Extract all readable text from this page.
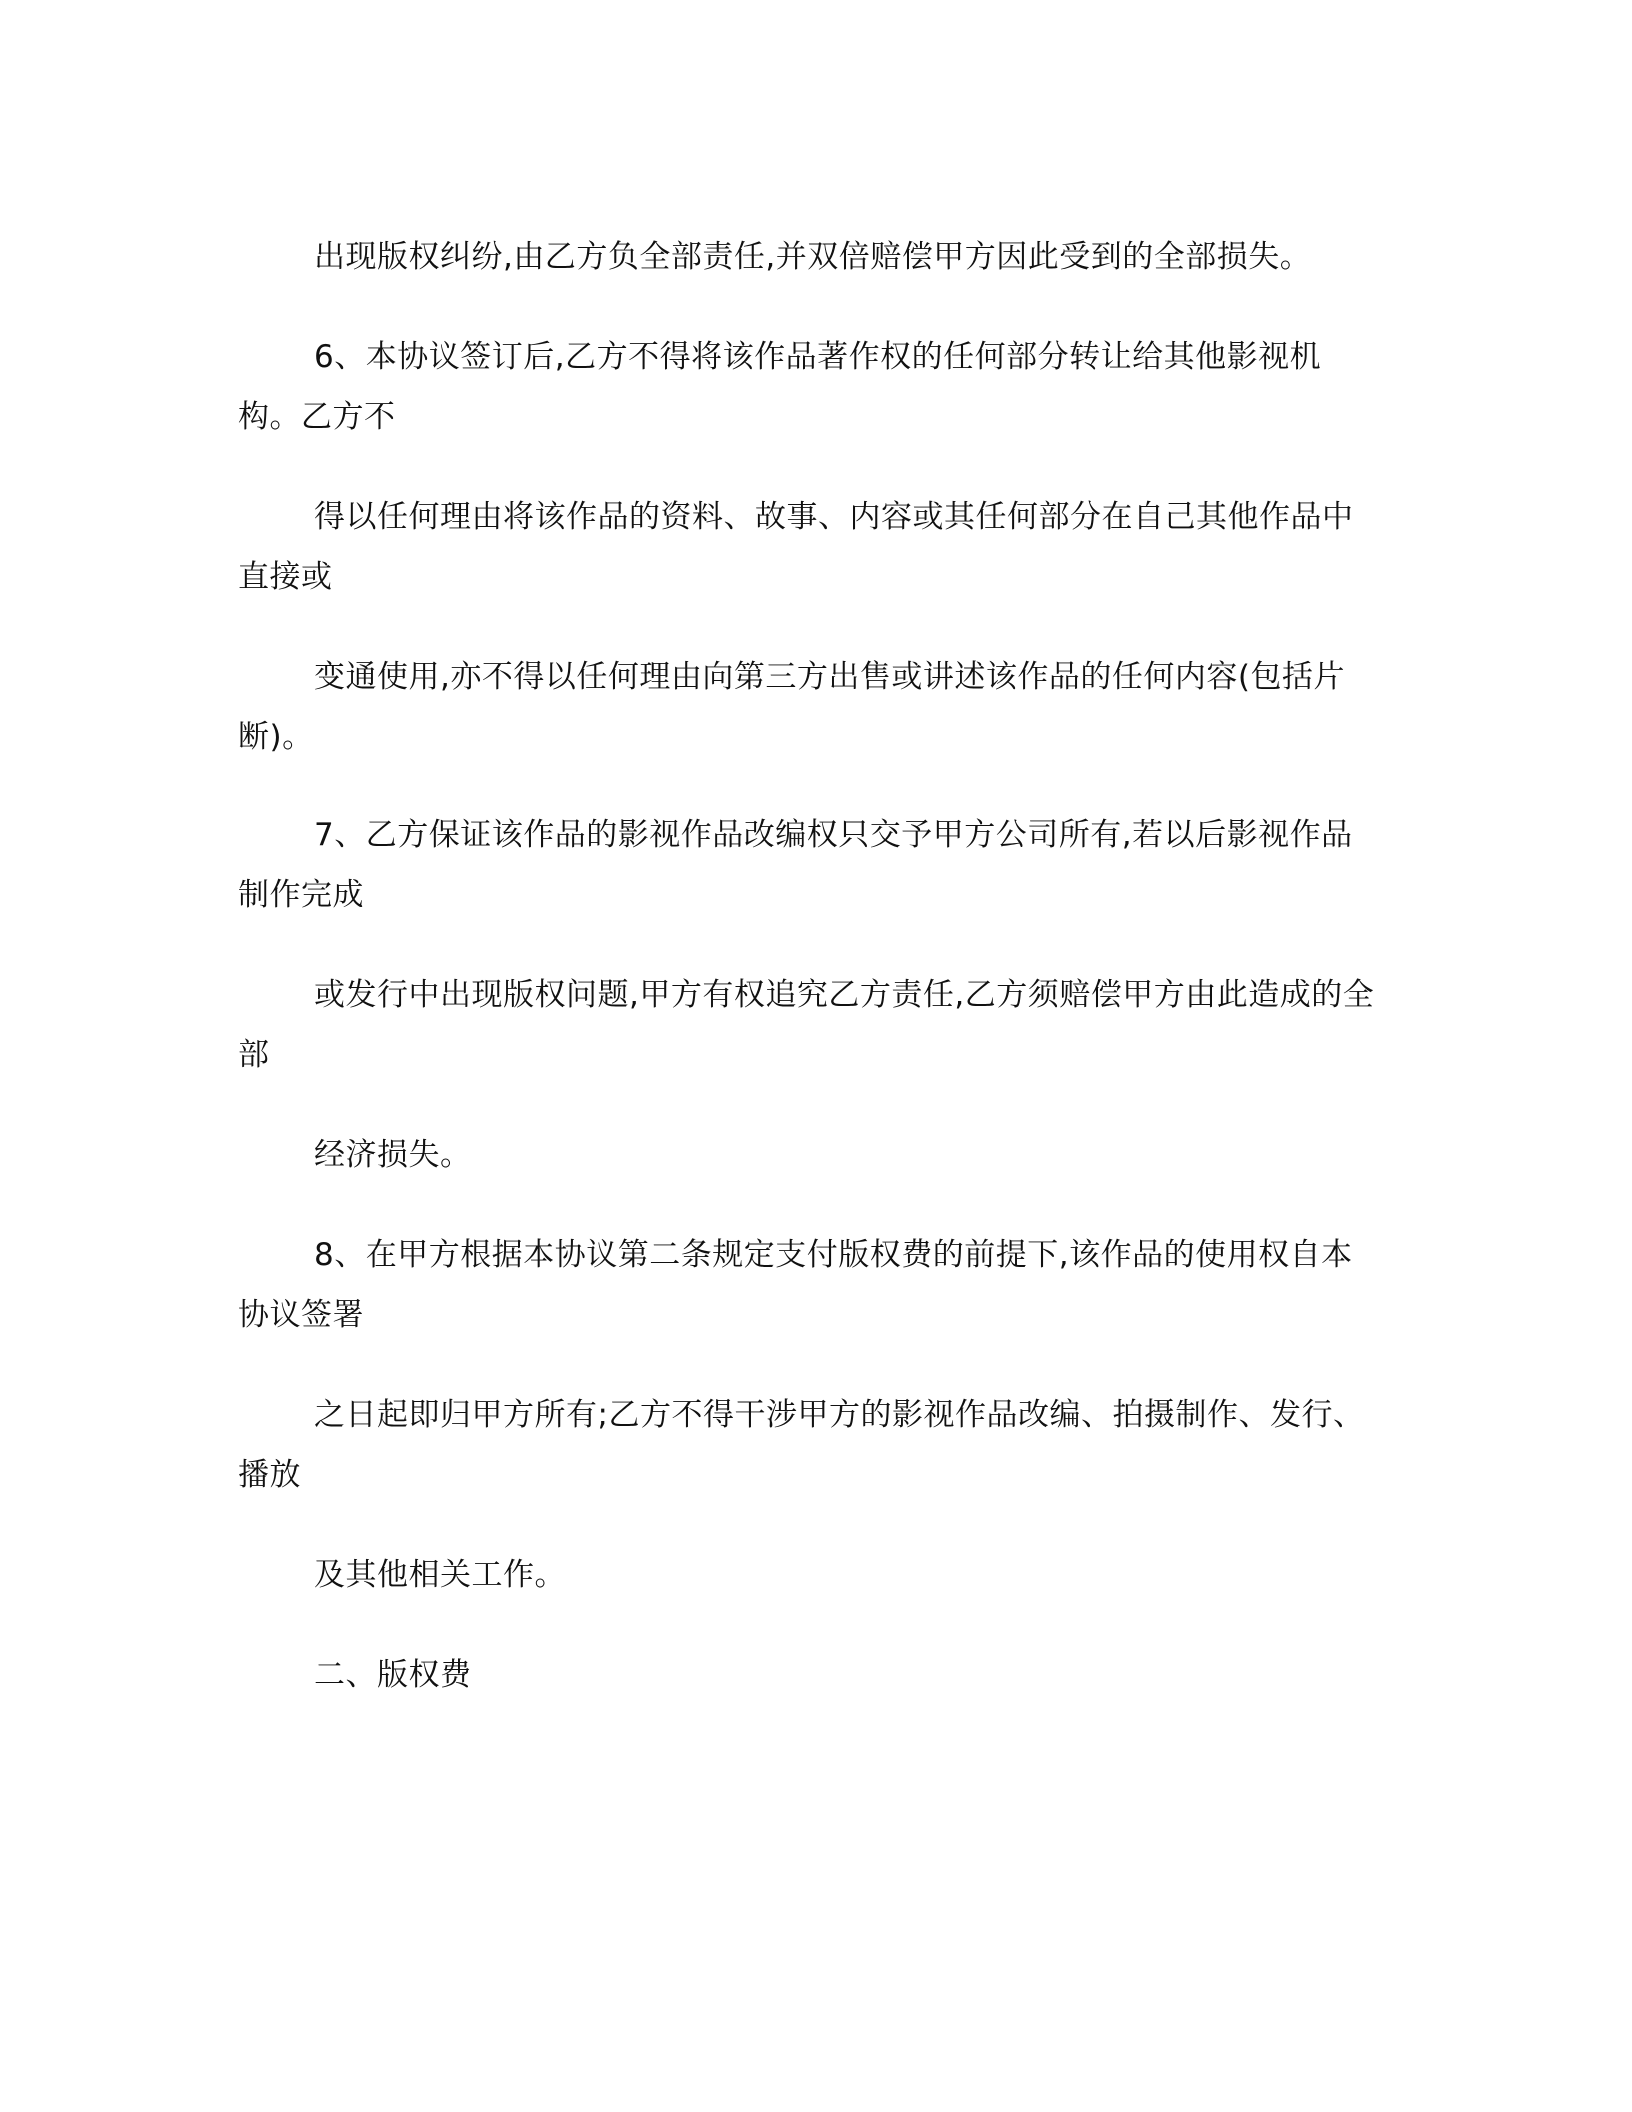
出现版权纠纷,由乙方负全部责任,并双倍赔偿甲方因此受到的全部损失。

6、本协议签订后,乙方不得将该作品著作权的任何部分转让给其他影视机

构。乙方不

得以任何理由将该作品的资料、故事、内容或其任何部分在自己其他作品中

直接或

变通使用,亦不得以任何理由向第三方出售或讲述该作品的任何内容(包括片

断)。

7、乙方保证该作品的影视作品改编权只交予甲方公司所有,若以后影视作品

制作完成

或发行中出现版权问题,甲方有权追究乙方责任,乙方须赔偿甲方由此造成的全

部

经济损失。

8、在甲方根据本协议第二条规定支付版权费的前提下,该作品的使用权自本

协议签署

之日起即归甲方所有;乙方不得干涉甲方的影视作品改编、拍摄制作、发行、

播放

及其他相关工作。

二、版权费
